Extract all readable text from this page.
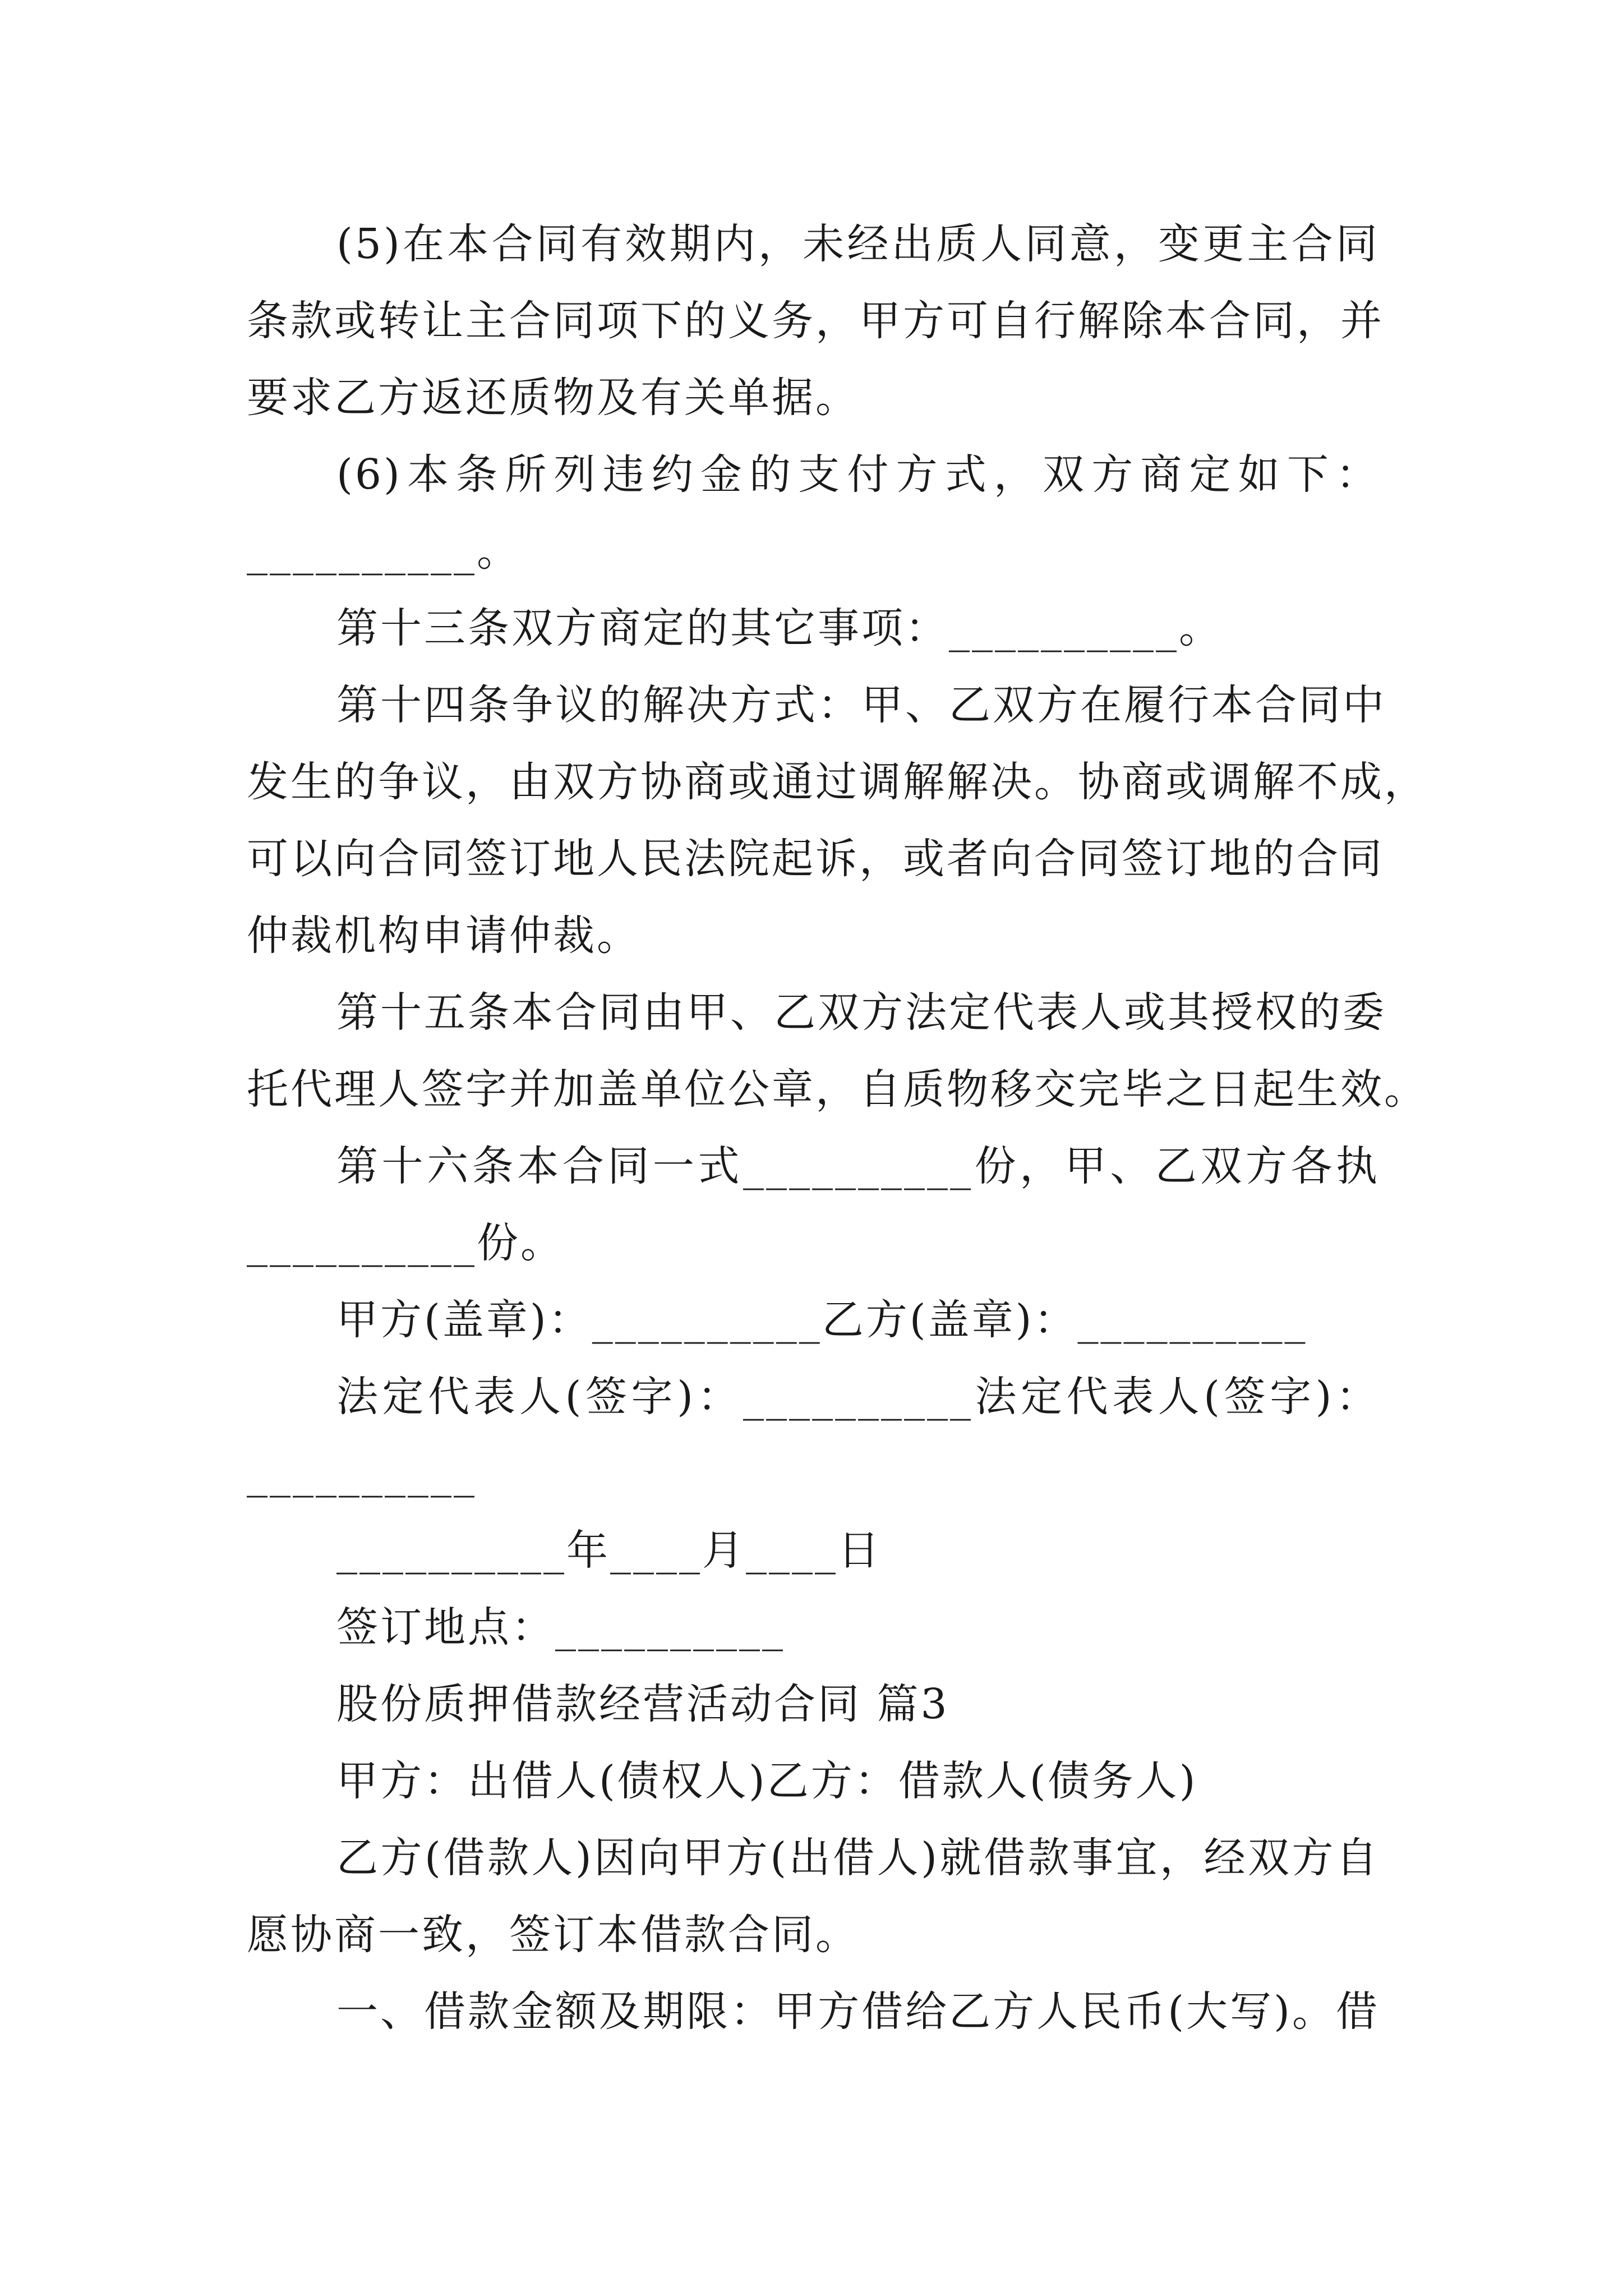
(5)在本合同有效期内，未经出质人同意，变更主合同
条款或转让主合同项下的义务，甲方可自行解除本合同，并
要求乙方返还质物及有关单据。
(6)本条所列违约金的支付方式，双方商定如下：
__________。
第十三条双方商定的其它事项：__________。
第十四条争议的解决方式：甲、乙双方在履行本合同中
发生的争议，由双方协商或通过调解解决。协商或调解不成，
可以向合同签订地人民法院起诉，或者向合同签订地的合同
仲裁机构申请仲裁。
第十五条本合同由甲、乙双方法定代表人或其授权的委
托代理人签字并加盖单位公章，自质物移交完毕之日起生效。
第十六条本合同一式__________份，甲、乙双方各执
__________份。
甲方(盖章)：__________乙方(盖章)：__________
法定代表人(签字)：__________法定代表人(签字)：
__________
__________年____月____日
签订地点：__________
股份质押借款经营活动合同 篇3
甲方：出借人(债权人)乙方：借款人(债务人)
乙方(借款人)因向甲方(出借人)就借款事宜，经双方自
愿协商一致，签订本借款合同。
一、借款金额及期限：甲方借给乙方人民币(大写)。借
